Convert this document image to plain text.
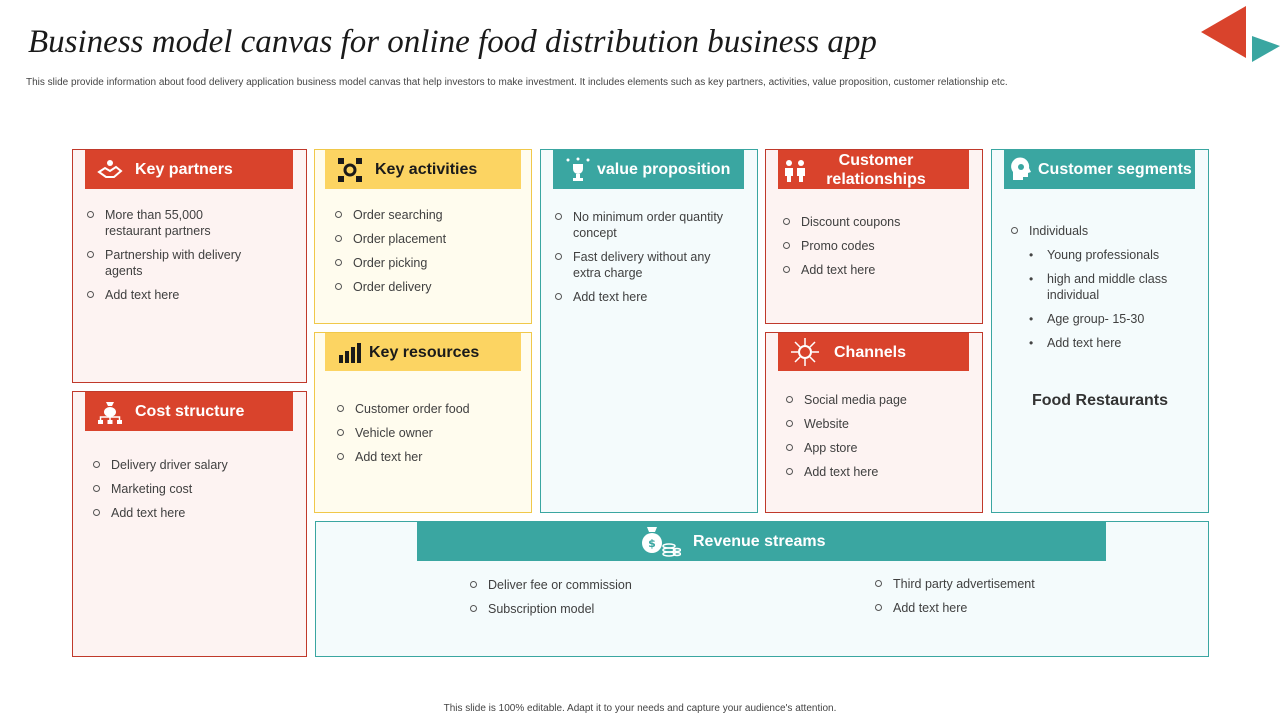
Business model canvas for online food distribution business app
This slide provide information about food delivery application business model canvas that help investors to make investment. It includes elements such as key partners, activities, value proposition, customer relationship etc.
Key partners
More than 55,000 restaurant partners
Partnership with delivery agents
Add text here
Cost structure
Delivery driver salary
Marketing cost
Add text here
Key activities
Order searching
Order placement
Order picking
Order delivery
Key resources
Customer order food
Vehicle owner
Add text her
value proposition
No minimum order quantity concept
Fast delivery without any extra charge
Add text here
Customer relationships
Discount coupons
Promo codes
Add text here
Channels
Social media page
Website
App store
Add text here
Customer segments
Individuals
• Young professionals
• high and middle class individual
• Age group- 15-30
• Add text here
Food Restaurants
$ Revenue streams
Deliver fee or commission
Subscription model
Third party advertisement
Add text here
This slide is 100% editable. Adapt it to your needs and capture your audience's attention.
